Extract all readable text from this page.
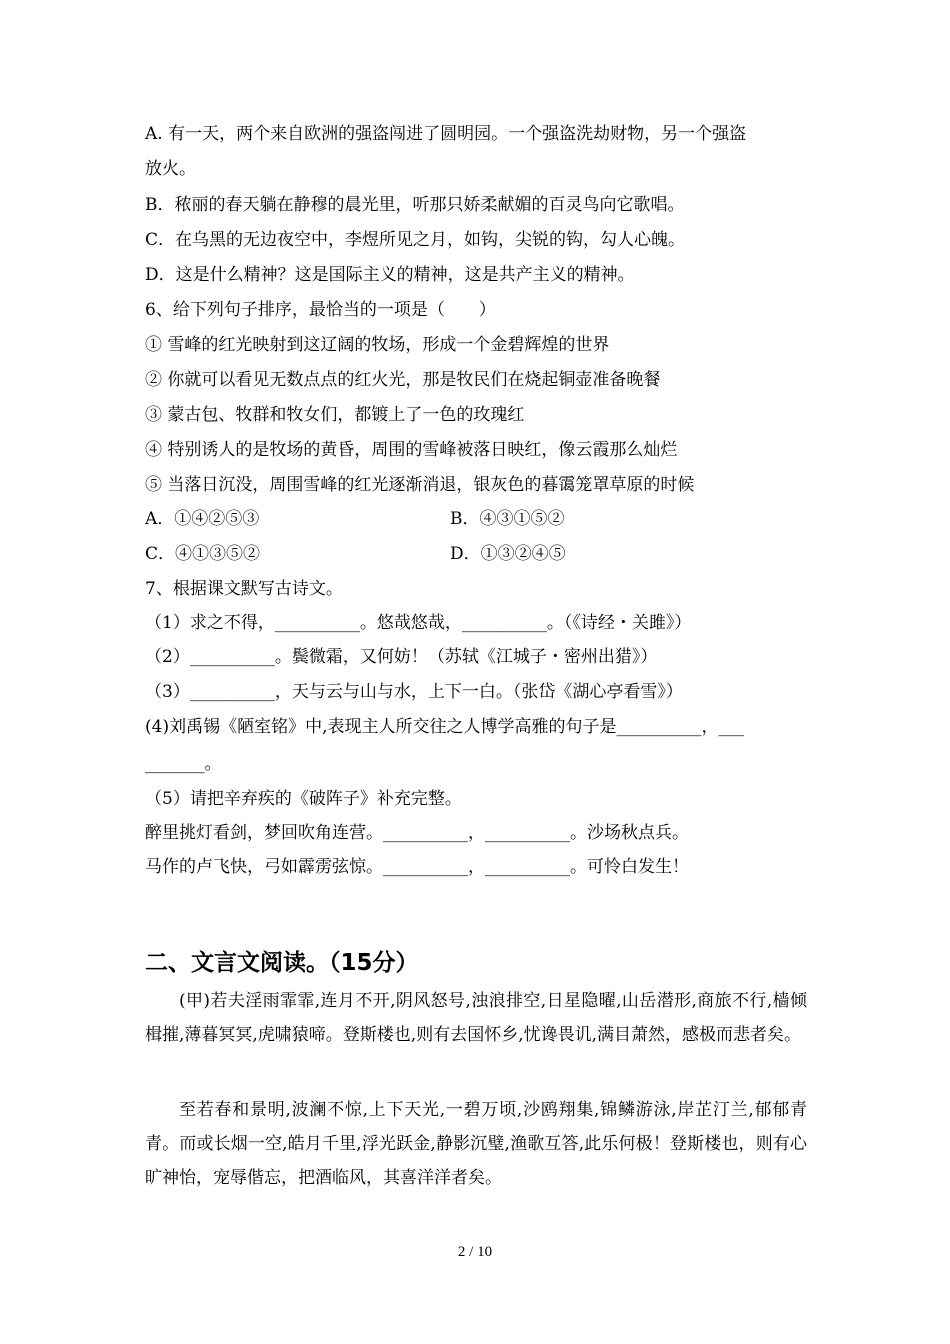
A. 有一天，两个来自欧洲的强盗闯进了圆明园。一个强盗洗劫财物，另一个强盗
放火。
B．秾丽的春天躺在静穆的晨光里，听那只娇柔献媚的百灵鸟向它歌唱。
C．在乌黑的无边夜空中，李煜所见之月，如钩，尖锐的钩，勾人心魄。
D．这是什么精神？这是国际主义的精神，这是共产主义的精神。
6、给下列句子排序，最恰当的一项是（　　）
① 雪峰的红光映射到这辽阔的牧场，形成一个金碧辉煌的世界
② 你就可以看见无数点点的红火光，那是牧民们在烧起铜壶准备晚餐
③ 蒙古包、牧群和牧女们，都镀上了一色的玫瑰红
④ 特别诱人的是牧场的黄昏，周围的雪峰被落日映红，像云霞那么灿烂
⑤ 当落日沉没，周围雪峰的红光逐渐消退，银灰色的暮霭笼罩草原的时候
A．①④②⑤③	B．④③①⑤②
C．④①③⑤②	D．①③②④⑤
7、根据课文默写古诗文。
（1）求之不得，__________。悠哉悠哉，__________。（《诗经・关雎》）
（2）__________。鬓微霜，又何妨！（苏轼《江城子・密州出猎》）
（3）__________，天与云与山与水，上下一白。（张岱《湖心亭看雪》）
(4)刘禹锡《陋室铭》中,表现主人所交往之人博学高雅的句子是__________，___
_______。
（5）请把辛弃疾的《破阵子》补充完整。
醉里挑灯看剑，梦回吹角连营。__________，__________。沙场秋点兵。
马作的卢飞快，弓如霹雳弦惊。__________，__________。可怜白发生！
二、文言文阅读。（15分）
(甲)若夫淫雨霏霏,连月不开,阴风怒号,浊浪排空,日星隐曜,山岳潜形,商旅不行,樯倾楫摧,薄暮冥冥,虎啸猿啼。登斯楼也,则有去国怀乡,忧谗畏讥,满目萧然，感极而悲者矣。
至若春和景明,波澜不惊,上下天光,一碧万顷,沙鸥翔集,锦鳞游泳,岸芷汀兰,郁郁青青。而或长烟一空,皓月千里,浮光跃金,静影沉璧,渔歌互答,此乐何极！登斯楼也，则有心旷神怡，宠辱偕忘，把酒临风，其喜洋洋者矣。
2 / 10
